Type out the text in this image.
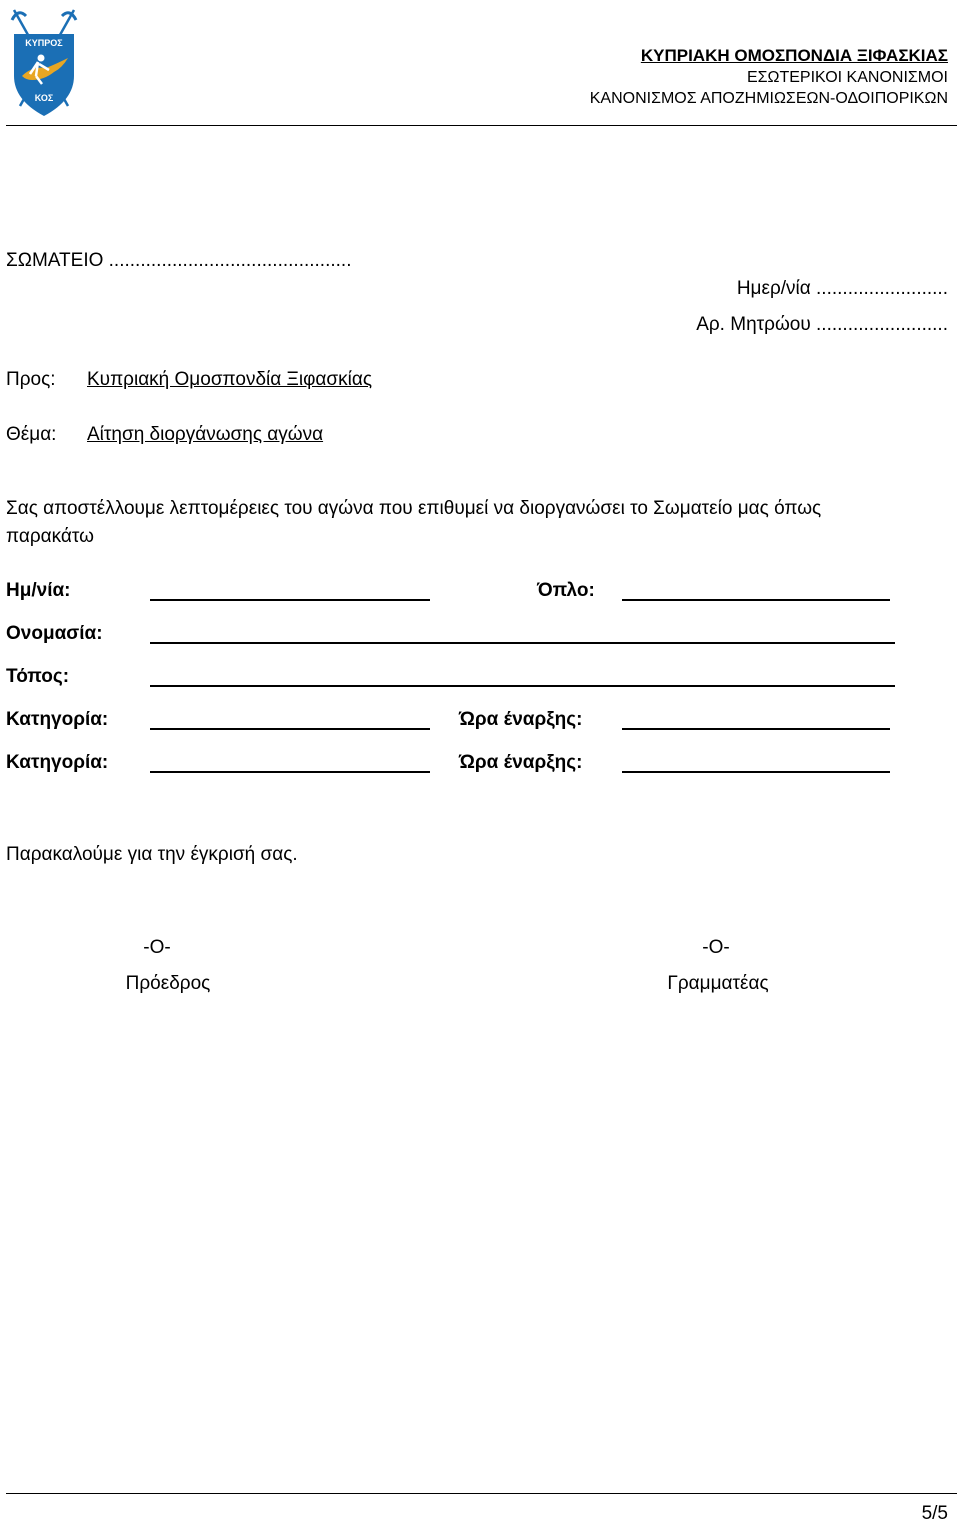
ΚΥΠΡΟΣ
ΚΟΣ
ΚΥΠΡΙΑΚΗ ΟΜΟΣΠΟΝΔΙΑ ΞΙΦΑΣΚΙΑΣ
ΕΣΩΤΕΡΙΚΟΙ ΚΑΝΟΝΙΣΜΟΙ
ΚΑΝΟΝΙΣΜΟΣ ΑΠΟΖΗΜΙΩΣΕΩΝ-ΟΔΟΙΠΟΡΙΚΩΝ
ΣΩΜΑΤΕΙΟ ..............................................
Ημερ/νία .........................
Αρ. Μητρώου .........................
Προς: Κυπριακή Ομοσπονδία Ξιφασκίας
Θέμα: Αίτηση διοργάνωσης αγώνα
Σας αποστέλλουμε λεπτομέρειες του αγώνα που επιθυμεί να διοργανώσει το Σωματείο μας όπως
παρακάτω
Ημ/νία:	Όπλο:
Ονομασία:
Τόπος:
Κατηγορία:	Ώρα έναρξης:
Κατηγορία:	Ώρα έναρξης:
Παρακαλούμε για την έγκρισή σας.
-Ο-
Πρόεδρος
-Ο-
Γραμματέας
5/5
